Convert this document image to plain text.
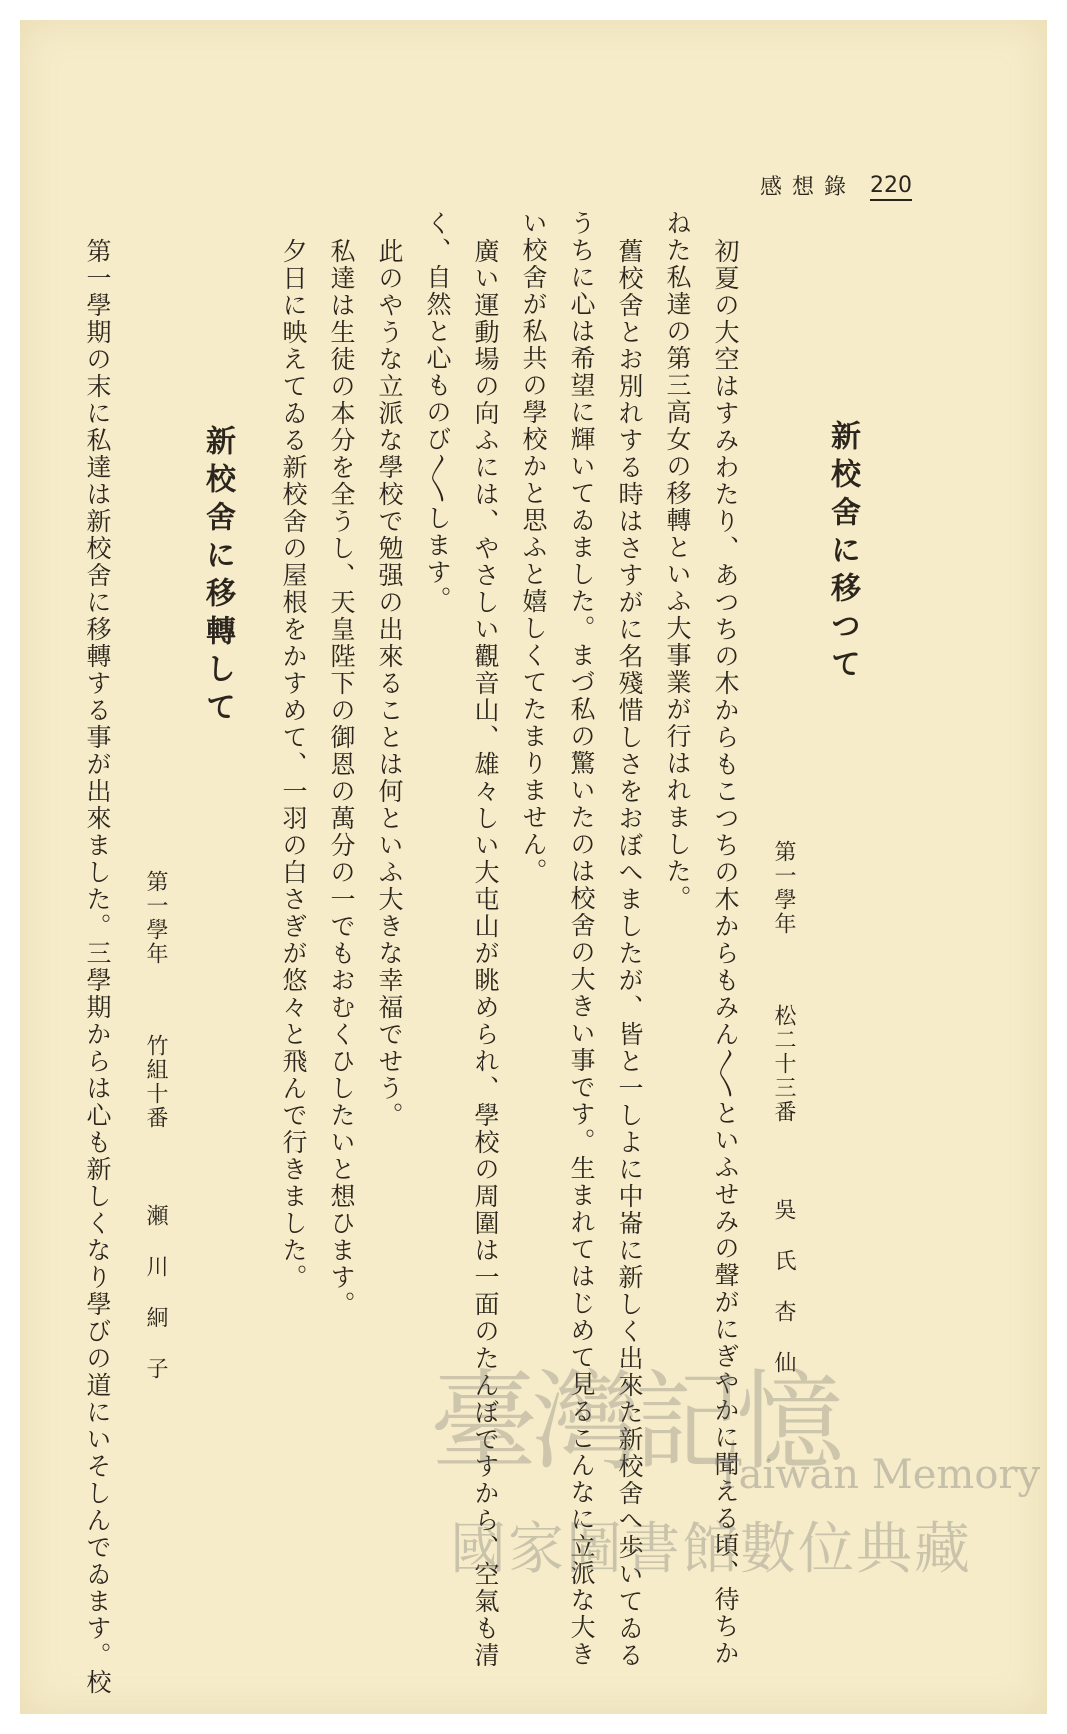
感想錄 220
新校舍に移つて
第一學年  松二十三番  吳 氏 杏 仙
初夏の大空はすみわたり、あつちの木からもこつちの木からもみん〳〵といふせみの聲がにぎやかに聞える頃、待ちか
ねた私達の第三高女の移轉といふ大事業が行はれました。
舊校舍とお別れする時はさすがに名殘惜しさをおぼへましたが、皆と一しよに中崙に新しく出來た新校舍へ歩いてゐる
うちに心は希望に輝いてゐました。まづ私の驚いたのは校舍の大きい事です。生まれてはじめて見るこんなに立派な大き
い校舍が私共の學校かと思ふと嬉しくてたまりません。
廣い運動場の向ふには、やさしい觀音山、雄々しい大屯山が眺められ、學校の周圍は一面のたんぼですから、空氣も清
く、自然と心ものび〳〵します。
此のやうな立派な學校で勉强の出來ることは何といふ大きな幸福でせう。
私達は生徒の本分を全うし、天皇陛下の御恩の萬分の一でもおむくひしたいと想ひます。
夕日に映えてゐる新校舍の屋根をかすめて、一羽の白さぎが悠々と飛んで行きました。
新校舍に移轉して
第一學年  竹組十番  瀬 川 絅 子
第一學期の末に私達は新校舍に移轉する事が出來ました。三學期からは心も新しくなり學びの道にいそしんでゐます。校	臺灣記憶
Taiwan Memory
國家圖書館數位典藏
